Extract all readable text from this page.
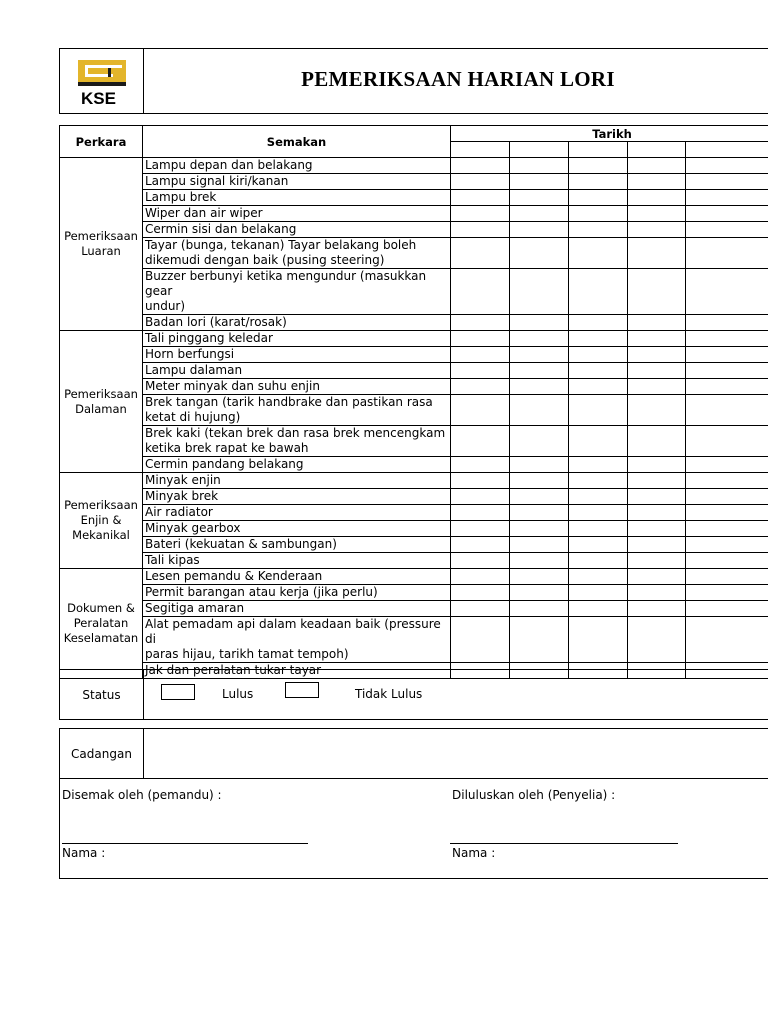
KSE
PEMERIKSAAN HARIAN LORI
Perkara	Semakan	Tarikh				

Pemeriksaan
Luaran	Lampu depan dan belakang					

	Lampu signal kiri/kanan					

	Lampu brek					

	Wiper dan air wiper					

	Cermin sisi dan belakang					

	Tayar (bunga, tekanan) Tayar belakang boleh
dikemudi dengan baik (pusing steering)					

	Buzzer berbunyi ketika mengundur (masukkan gear
undur)					

	Badan lori (karat/rosak)					

Pemeriksaan
Dalaman	Tali pinggang keledar					

	Horn berfungsi					

	Lampu dalaman					

	Meter minyak dan suhu enjin					

	Brek tangan (tarik handbrake dan pastikan rasa
ketat di hujung)					

	Brek kaki (tekan brek dan rasa brek mencengkam
ketika brek rapat ke bawah					

	Cermin pandang belakang					

Pemeriksaan
Enjin &
Mekanikal	Minyak enjin					

	Minyak brek					

	Air radiator					

	Minyak gearbox					

	Bateri (kekuatan & sambungan)					

	Tali kipas					

Dokumen &
Peralatan
Keselamatan	Lesen pemandu & Kenderaan					

	Permit barangan atau kerja (jika perlu)					

	Segitiga amaran					

	Alat pemadam api dalam keadaan baik (pressure di
paras hijau, tarikh tamat tempoh)					

	Jak dan peralatan tukar tayar					

Status	Lulus	Tidak Lulus
Cadangan
Disemak oleh (pemandu) :	Diluluskan oleh (Penyelia) :
Nama :	Nama :
